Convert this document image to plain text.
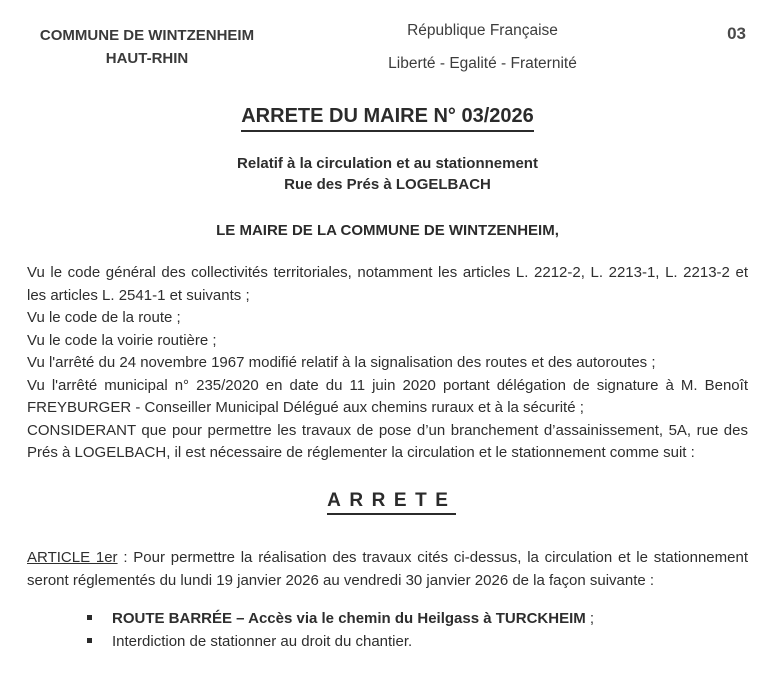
COMMUNE DE WINTZENHEIM
HAUT-RHIN
République Française
Liberté - Egalité - Fraternité
03
ARRETE DU MAIRE N° 03/2026
Relatif à la circulation et au stationnement
Rue des Prés à LOGELBACH
LE MAIRE DE LA COMMUNE DE WINTZENHEIM,

Vu le code général des collectivités territoriales, notamment les articles L. 2212-2, L. 2213-1, L. 2213-2 et les articles L. 2541-1 et suivants ;

Vu le code de la route ;

Vu le code la voirie routière ;

Vu l'arrêté du 24 novembre 1967 modifié relatif à la signalisation des routes et des autoroutes ;

Vu l'arrêté municipal n° 235/2020 en date du 11 juin 2020 portant délégation de signature à M. Benoît FREYBURGER - Conseiller Municipal Délégué aux chemins ruraux et à la sécurité ;

CONSIDERANT que pour permettre les travaux de pose d’un branchement d’assainissement, 5A, rue des Prés à LOGELBACH, il est nécessaire de réglementer la circulation et le stationnement comme suit :

ARRETE

ARTICLE 1er : Pour permettre la réalisation des travaux cités ci-dessus, la circulation et le stationnement seront réglementés du lundi 19 janvier 2026 au vendredi 30 janvier 2026 de la façon suivante :

ROUTE BARRÉE – Accès via le chemin du Heilgass à TURCKHEIM ;
Interdiction de stationner au droit du chantier.
